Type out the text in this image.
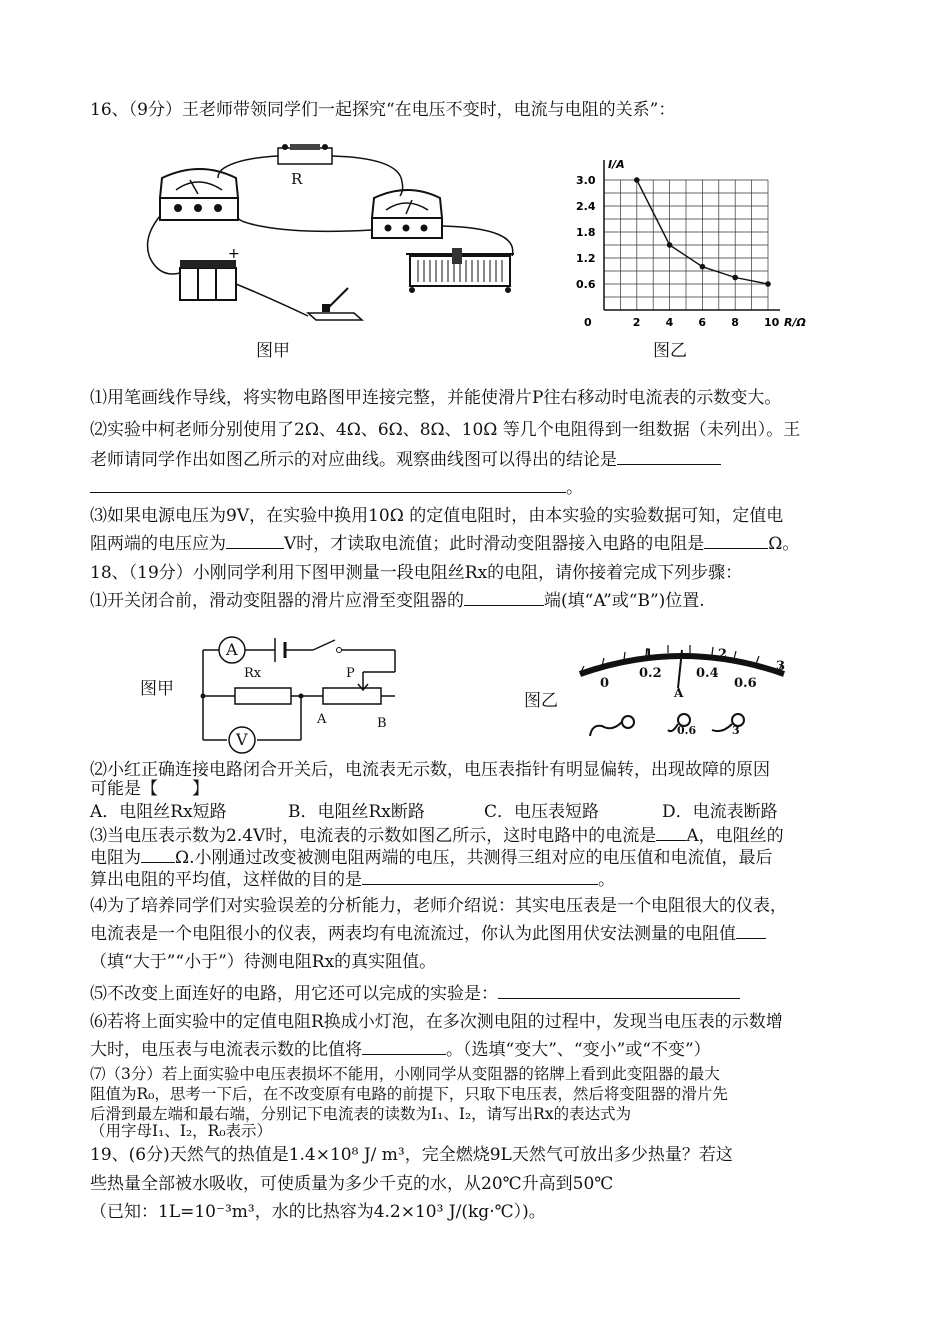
16、（9分）王老师带领同学们一起探究“在电压不变时，电流与电阻的关系”：
+
R
图甲
0	2 4 6 8 10
0.6
1.2
1.8
2.4
3.0
R/Ω
I/A
图乙
⑴用笔画线作导线，将实物电路图甲连接完整，并能使滑片P往右移动时电流表的示数变大。
⑵实验中柯老师分别使用了2Ω、4Ω、6Ω、8Ω、10Ω 等几个电阻得到一组数据（未列出）。王
老师请同学作出如图乙所示的对应曲线。观察曲线图可以得出的结论是
。
⑶如果电源电压为9V，在实验中换用10Ω 的定值电阻时，由本实验的实验数据可知，定值电
阻两端的电压应为	V时，才读取电流值；此时滑动变阻器接入电路的电阻是	Ω。
18、（19分）小刚同学利用下图甲测量一段电阻丝Rx的电阻，请你接着完成下列步骤：
⑴开关闭合前，滑动变阻器的滑片应滑至变阻器的	端(填“A”或“B”)位置.
图甲
A
V
Rx	P
A	B
图乙
1	2
3
0
0.2	0.4
0.6
A
0.6	3
⑵小红正确连接电路闭合开关后，电流表无示数，电压表指针有明显偏转，出现故障的原因
可能是【　　】
A．电阻丝Rx短路	B．电阻丝Rx断路	C．电压表短路	D．电流表断路
⑶当电压表示数为2.4V时，电流表的示数如图乙所示，这时电路中的电流是 A，电阻丝的
电阻为 Ω.小刚通过改变被测电阻两端的电压，共测得三组对应的电压值和电流值，最后
算出电阻的平均值，这样做的目的是	。
⑷为了培养同学们对实验误差的分析能力，老师介绍说：其实电压表是一个电阻很大的仪表，
电流表是一个电阻很小的仪表，两表均有电流流过，你认为此图用伏安法测量的电阻值
（填“大于”“小于”）待测电阻Rx的真实阻值。
⑸不改变上面连好的电路，用它还可以完成的实验是：
⑹若将上面实验中的定值电阻R换成小灯泡，在多次测电阻的过程中，发现当电压表的示数增
大时，电压表与电流表示数的比值将	。（选填“变大”、“变小”或“不变”）
⑺（3分）若上面实验中电压表损坏不能用，小刚同学从变阻器的铭牌上看到此变阻器的最大
阻值为R₀，思考一下后，在不改变原有电路的前提下，只取下电压表，然后将变阻器的滑片先
后滑到最左端和最右端，分别记下电流表的读数为I₁、I₂，请写出Rx的表达式为
（用字母I₁、I₂，R₀表示）
19、(6分)天然气的热值是1.4×10⁸ J/ m³，完全燃烧9L天然气可放出多少热量？若这
些热量全部被水吸收，可使质量为多少千克的水，从20℃升高到50℃
（已知：1L=10⁻³m³，水的比热容为4.2×10³ J/(kg·℃）)。
